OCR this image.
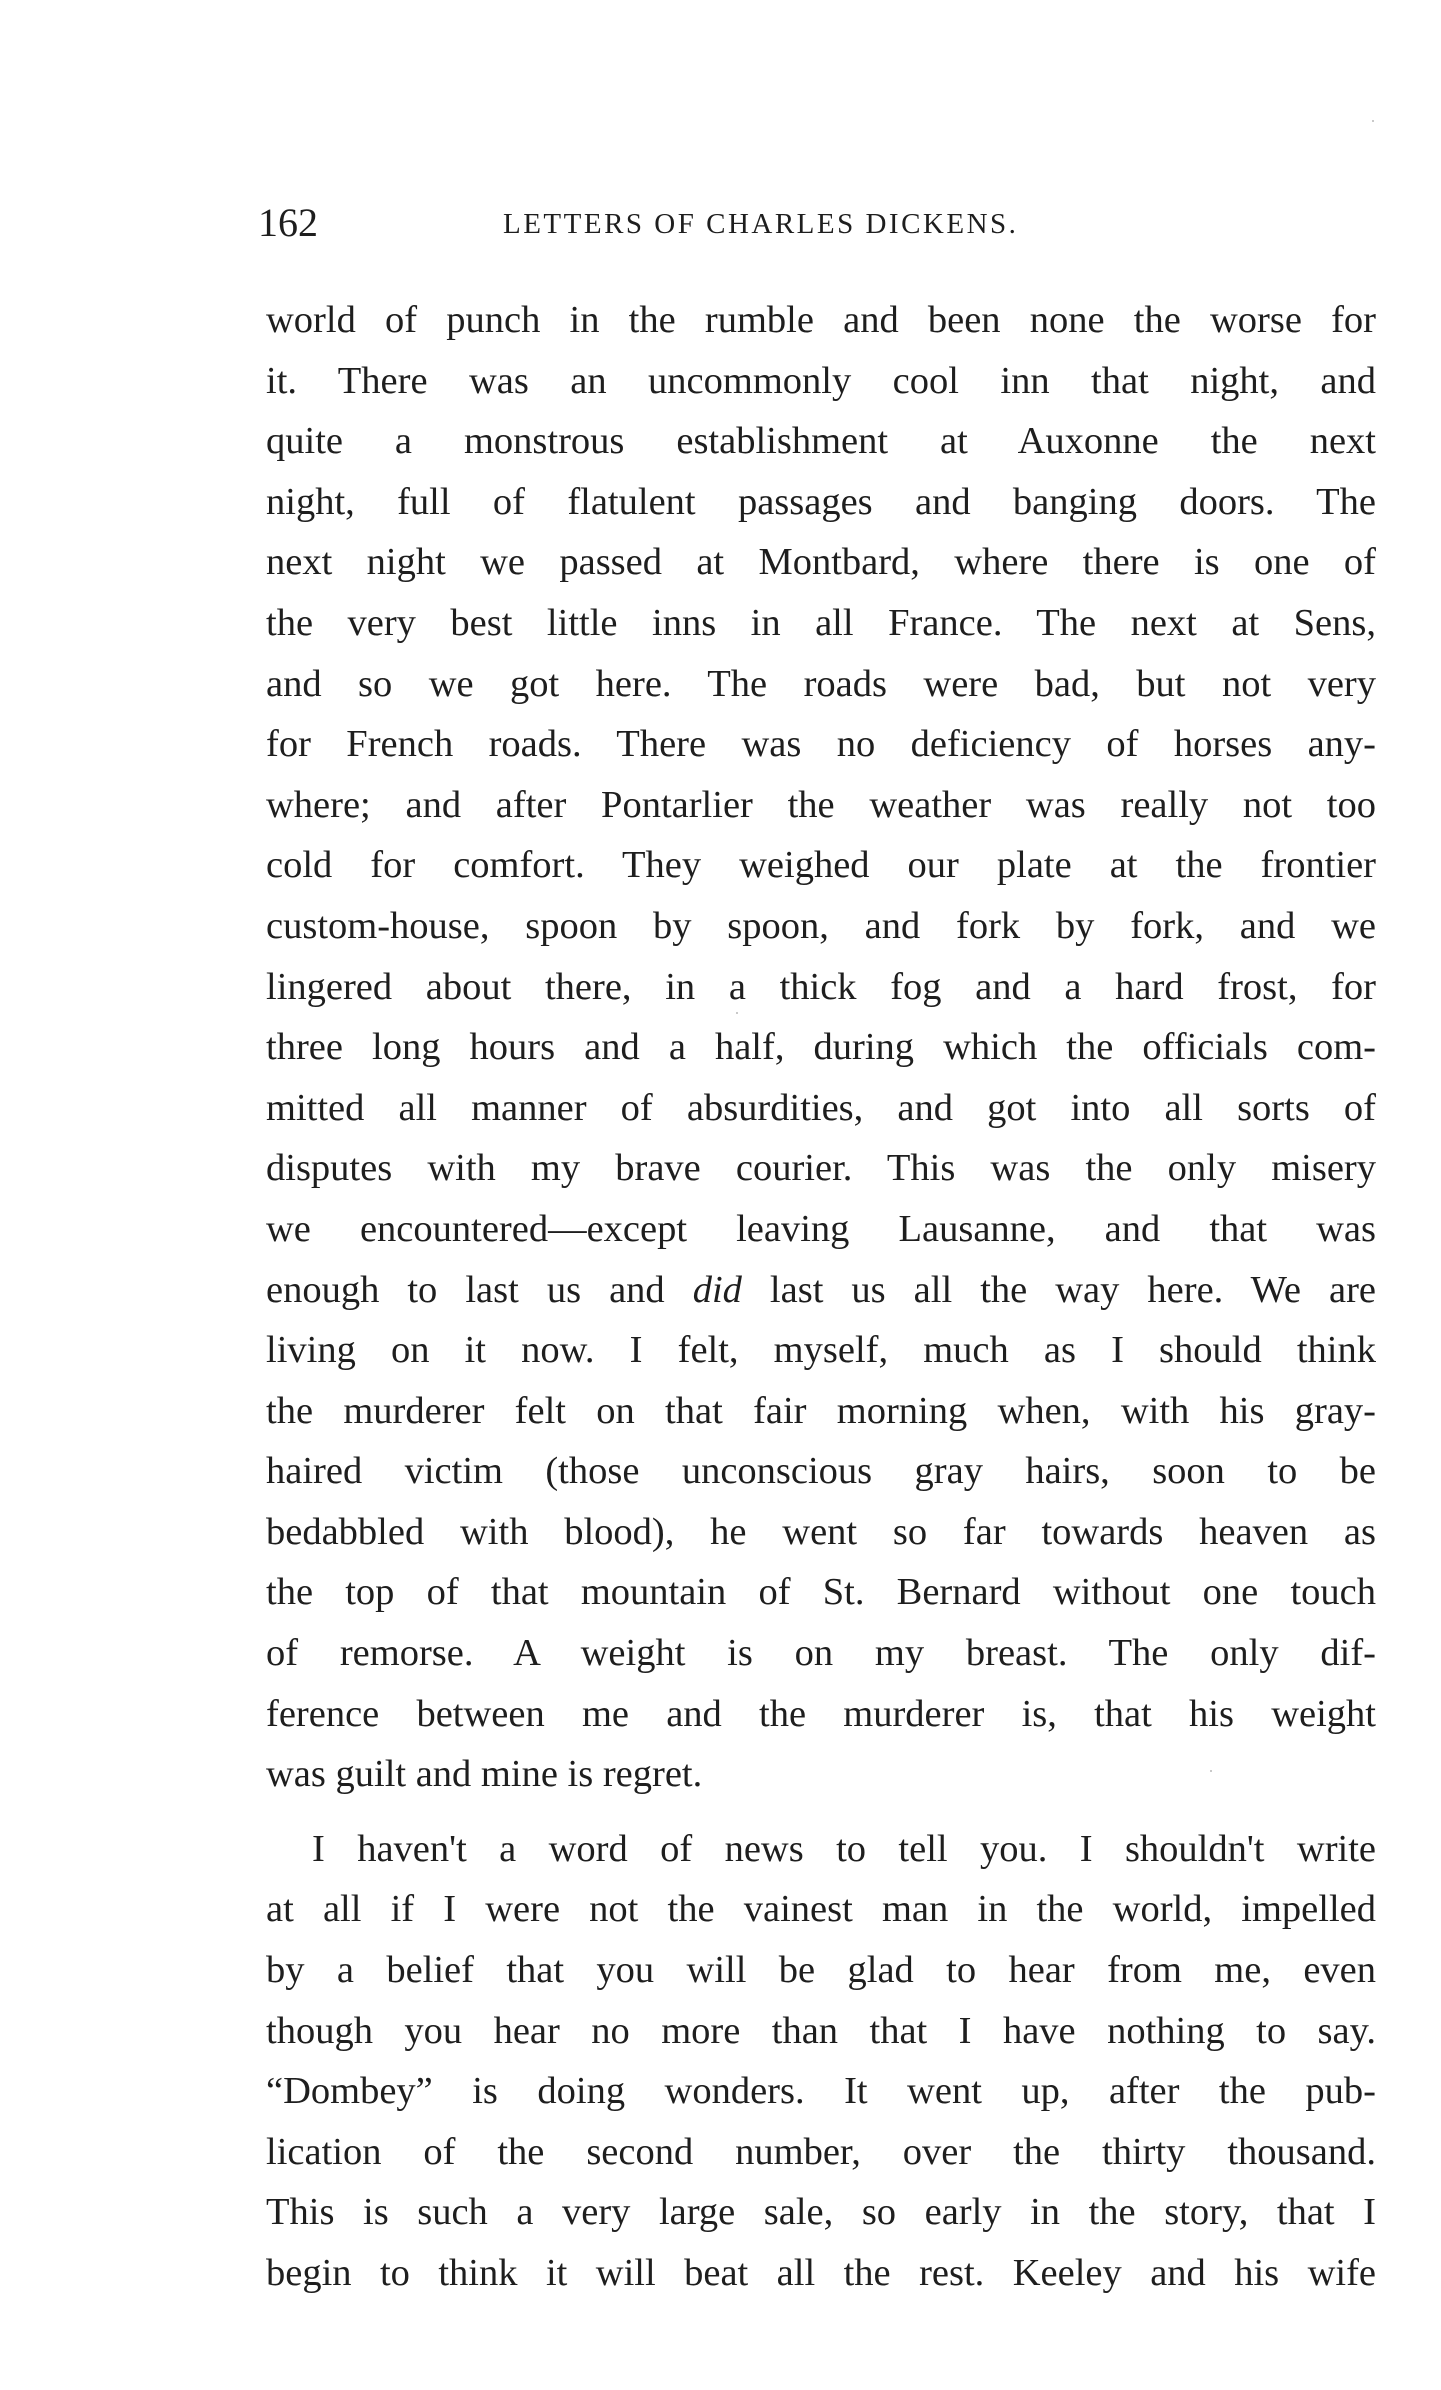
162	LETTERS OF CHARLES DICKENS.
world of punch in the rumble and been none the worse for
it. There was an uncommonly cool inn that night, and
quite a monstrous establishment at Auxonne the next
night, full of flatulent passages and banging doors. The
next night we passed at Montbard, where there is one of
the very best little inns in all France. The next at Sens,
and so we got here. The roads were bad, but not very
for French roads. There was no deficiency of horses any-
where; and after Pontarlier the weather was really not too
cold for comfort. They weighed our plate at the frontier
custom-house, spoon by spoon, and fork by fork, and we
lingered about there, in a thick fog and a hard frost, for
three long hours and a half, during which the officials com-
mitted all manner of absurdities, and got into all sorts of
disputes with my brave courier. This was the only misery
we encountered—except leaving Lausanne, and that was
enough to last us and did last us all the way here. We are
living on it now. I felt, myself, much as I should think
the murderer felt on that fair morning when, with his gray-
haired victim (those unconscious gray hairs, soon to be
bedabbled with blood), he went so far towards heaven as
the top of that mountain of St. Bernard without one touch
of remorse. A weight is on my breast. The only dif-
ference between me and the murderer is, that his weight
was guilt and mine is regret.
I haven't a word of news to tell you. I shouldn't write
at all if I were not the vainest man in the world, impelled
by a belief that you will be glad to hear from me, even
though you hear no more than that I have nothing to say.
“Dombey” is doing wonders. It went up, after the pub-
lication of the second number, over the thirty thousand.
This is such a very large sale, so early in the story, that I
begin to think it will beat all the rest. Keeley and his wife
